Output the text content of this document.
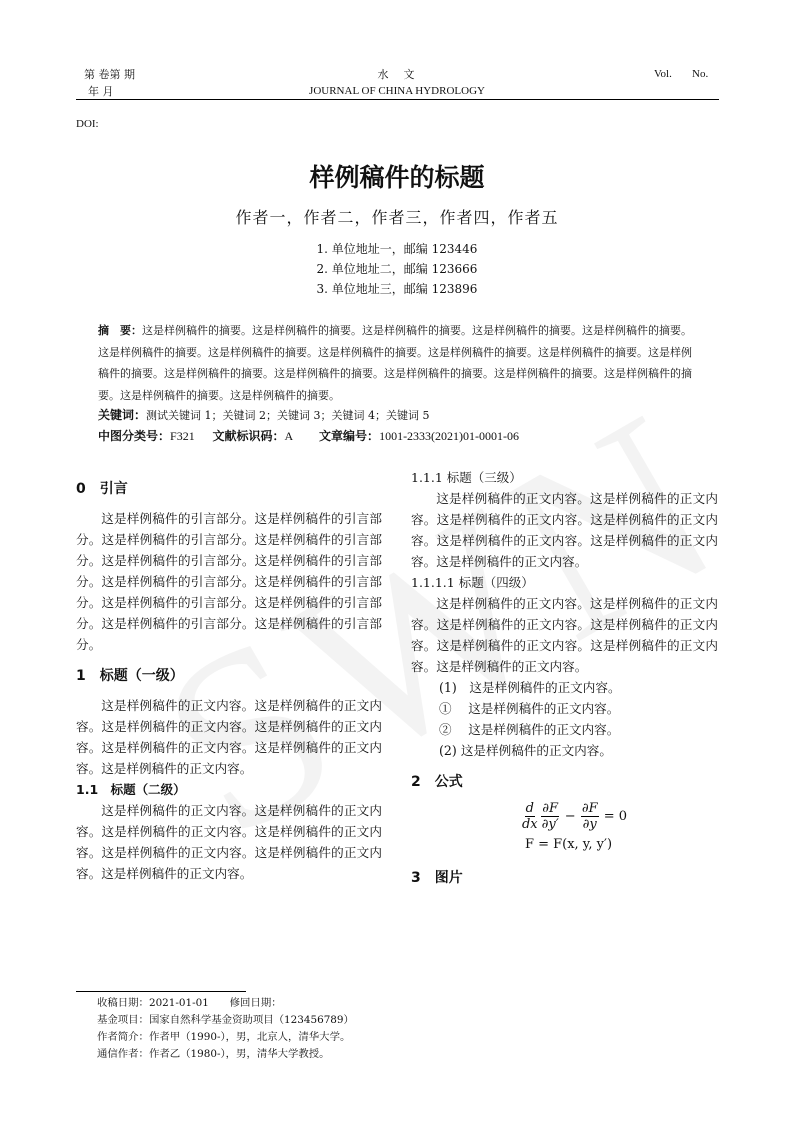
第 卷第 期
年 月
水　文
JOURNAL OF CHINA HYDROLOGY
Vol. No.
DOI:
样例稿件的标题
作者一，作者二，作者三，作者四，作者五
1. 单位地址一，邮编 123446
2. 单位地址二，邮编 123666
3. 单位地址三，邮编 123896
摘　要：这是样例稿件的摘要。这是样例稿件的摘要。这是样例稿件的摘要。这是样例稿件的摘要。这是样例稿件的摘要。这是样例稿件的摘要。这是样例稿件的摘要。这是样例稿件的摘要。这是样例稿件的摘要。这是样例稿件的摘要。这是样例稿件的摘要。这是样例稿件的摘要。这是样例稿件的摘要。这是样例稿件的摘要。这是样例稿件的摘要。这是样例稿件的摘要。这是样例稿件的摘要。这是样例稿件的摘要。
关键词：测试关键词 1；关键词 2；关键词 3；关键词 4；关键词 5
中图分类号：F321 文献标识码：A 文章编号：1001-2333(2021)01-0001-06
0　引言

这是样例稿件的引言部分。这是样例稿件的引言部分。这是样例稿件的引言部分。这是样例稿件的引言部分。这是样例稿件的引言部分。这是样例稿件的引言部分。这是样例稿件的引言部分。这是样例稿件的引言部分。这是样例稿件的引言部分。这是样例稿件的引言部分。这是样例稿件的引言部分。这是样例稿件的引言部分。

1　标题（一级）

这是样例稿件的正文内容。这是样例稿件的正文内容。这是样例稿件的正文内容。这是样例稿件的正文内容。这是样例稿件的正文内容。这是样例稿件的正文内容。这是样例稿件的正文内容。

1.1　标题（二级）

这是样例稿件的正文内容。这是样例稿件的正文内容。这是样例稿件的正文内容。这是样例稿件的正文内容。这是样例稿件的正文内容。这是样例稿件的正文内容。这是样例稿件的正文内容。

1.1.1 标题（三级）

这是样例稿件的正文内容。这是样例稿件的正文内容。这是样例稿件的正文内容。这是样例稿件的正文内容。这是样例稿件的正文内容。这是样例稿件的正文内容。这是样例稿件的正文内容。

1.1.1.1 标题（四级）

这是样例稿件的正文内容。这是样例稿件的正文内容。这是样例稿件的正文内容。这是样例稿件的正文内容。这是样例稿件的正文内容。这是样例稿件的正文内容。这是样例稿件的正文内容。

(1)　这是样例稿件的正文内容。
①　 这是样例稿件的正文内容。
②　 这是样例稿件的正文内容。
(2) 这是样例稿件的正文内容。
2　公式
$\frac{d}{dx} \frac{\partial F}{\partial y'} - \frac{\partial F}{\partial y} = 0$
F = F(x, y, y′)
3　图片
收稿日期：2021-01-01　　修回日期：
基金项目：国家自然科学基金资助项目（123456789）
作者简介：作者甲（1990-），男，北京人，清华大学。
通信作者：作者乙（1980-），男，清华大学教授。
